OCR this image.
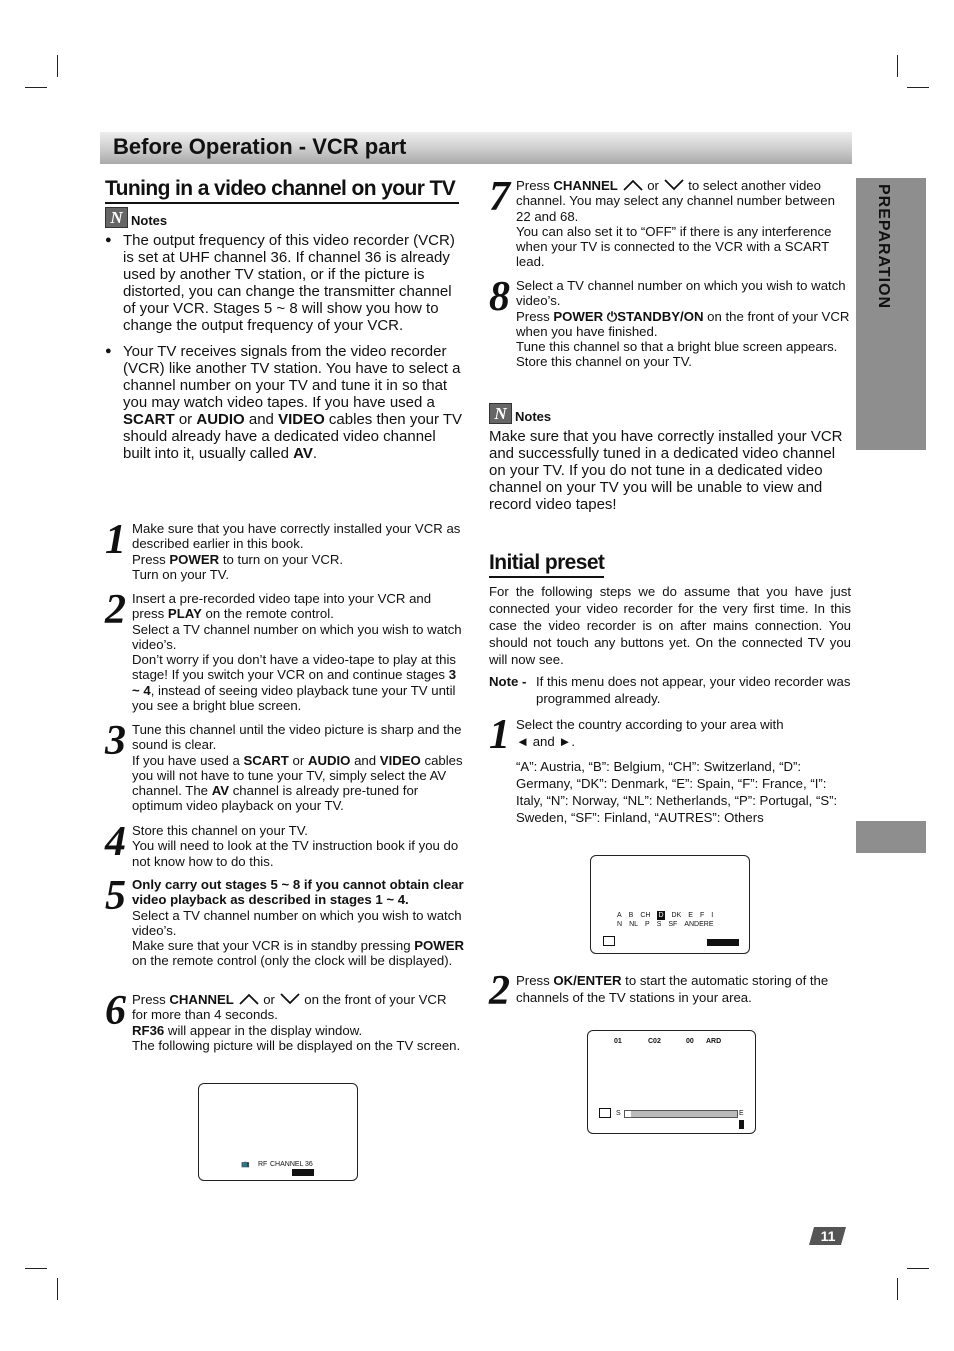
Before Operation - VCR part
PREPARATION
Tuning in a video channel on your TV
N Notes
● The output frequency of this video recorder (VCR) is set at UHF channel 36. If channel 36 is already used by another TV station, or if the picture is distorted, you can change the transmitter channel of your VCR. Stages 5 ~ 8 will show you how to change the output frequency of your VCR.
● Your TV receives signals from the video recorder (VCR) like another TV station. You have to select a channel number on your TV and tune it in so that you may watch video tapes. If you have used a SCART or AUDIO and VIDEO cables then your TV should already have a dedicated video channel built into it, usually called AV.
1 Make sure that you have correctly installed your VCR as described earlier in this book.
Press POWER to turn on your VCR.
Turn on your TV.
2 Insert a pre-recorded video tape into your VCR and press PLAY on the remote control.
Select a TV channel number on which you wish to watch video’s.
Don’t worry if you don’t have a video-tape to play at this stage! If you switch your VCR on and continue stages 3 ~ 4, instead of seeing video playback tune your TV until you see a bright blue screen.
3 Tune this channel until the video picture is sharp and the sound is clear.
If you have used a SCART or AUDIO and VIDEO cables you will not have to tune your TV, simply select the AV channel. The AV channel is already pre-tuned for optimum video playback on your TV.
4 Store this channel on your TV.
You will need to look at the TV instruction book if you do not know how to do this.
5 Only carry out stages 5 ~ 8 if you cannot obtain clear video playback as described in stages 1 ~ 4.
Select a TV channel number on which you wish to watch video’s.
Make sure that your VCR is in standby pressing POWER on the remote control (only the clock will be displayed).
6 Press CHANNEL  or  on the front of your VCR for more than 4 seconds.
RF36 will appear in the display window.
The following picture will be displayed on the TV screen.
📺 RF CHANNEL 36
7 Press CHANNEL  or  to select another video channel. You may select any channel number between 22 and 68.
You can also set it to “OFF” if there is any interference when your TV is connected to the VCR with a SCART lead.
8 Select a TV channel number on which you wish to watch video’s.
Press POWER ⏻STANDBY/ON on the front of your VCR when you have finished.
Tune this channel so that a bright blue screen appears.
Store this channel on your TV.
N Notes
Make sure that you have correctly installed your VCR and successfully tuned in a dedicated video channel on your TV. If you do not tune in a dedicated video channel on your TV you will be unable to view and record video tapes!
Initial preset
For the following steps we do assume that you have just connected your video recorder for the very first time. In this case the video recorder is on after mains connection. You should not touch any buttons yet. On the connected TV you will now see.
Note - If this menu does not appear, your video recorder was programmed already.
1 Select the country according to your area with
◄ and ►.
“A”: Austria, “B”: Belgium, “CH”: Switzerland, “D”: Germany, “DK”: Denmark, “E”: Spain, “F”: France, “I”: Italy, “N”: Norway, “NL”: Netherlands, “P”: Portugal, “S”: Sweden, “SF”: Finland, “AUTRES”: Others
A B CH D DK E F I
N NL P S SF ANDERE
2 Press OK/ENTER to start the automatic storing of the channels of the TV stations in your area.
01	C02	00 ARD
S	E
11
